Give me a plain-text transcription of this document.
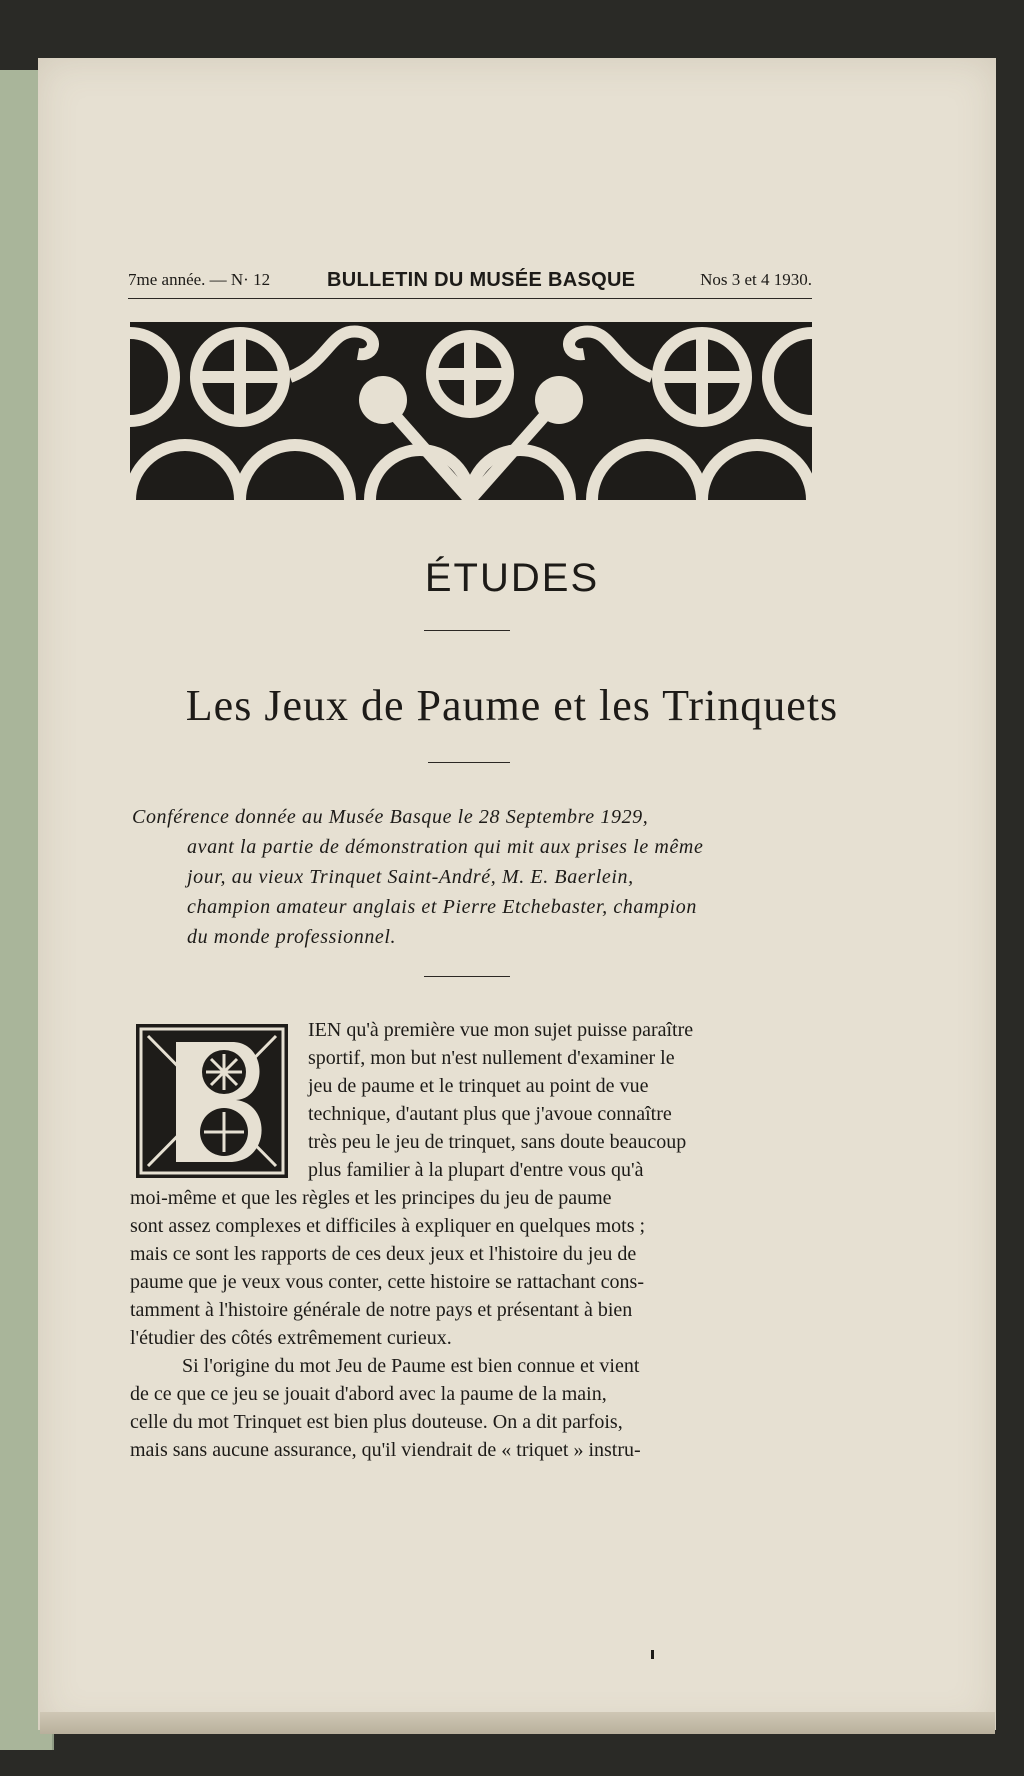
7me année. — N· 12	BULLETIN DU MUSÉE BASQUE	Nos 3 et 4 1930.
ÉTUDES
Les Jeux de Paume et les Trinquets
Conférence donnée au Musée Basque le 28 Septembre 1929,
avant la partie de démonstration qui mit aux prises le même
jour, au vieux Trinquet Saint-André, M. E. Baerlein,
champion amateur anglais et Pierre Etchebaster, champion
du monde professionnel.
IEN qu'à première vue mon sujet puisse paraître
sportif, mon but n'est nullement d'examiner le
jeu de paume et le trinquet au point de vue
technique, d'autant plus que j'avoue connaître
très peu le jeu de trinquet, sans doute beaucoup
plus familier à la plupart d'entre vous qu'à
moi-même et que les règles et les principes du jeu de paume
sont assez complexes et difficiles à expliquer en quelques mots ;
mais ce sont les rapports de ces deux jeux et l'histoire du jeu de
paume que je veux vous conter, cette histoire se rattachant cons-
tamment à l'histoire générale de notre pays et présentant à bien
l'étudier des côtés extrêmement curieux.
Si l'origine du mot Jeu de Paume est bien connue et vient
de ce que ce jeu se jouait d'abord avec la paume de la main,
celle du mot Trinquet est bien plus douteuse. On a dit parfois,
mais sans aucune assurance, qu'il viendrait de « triquet » instru-
